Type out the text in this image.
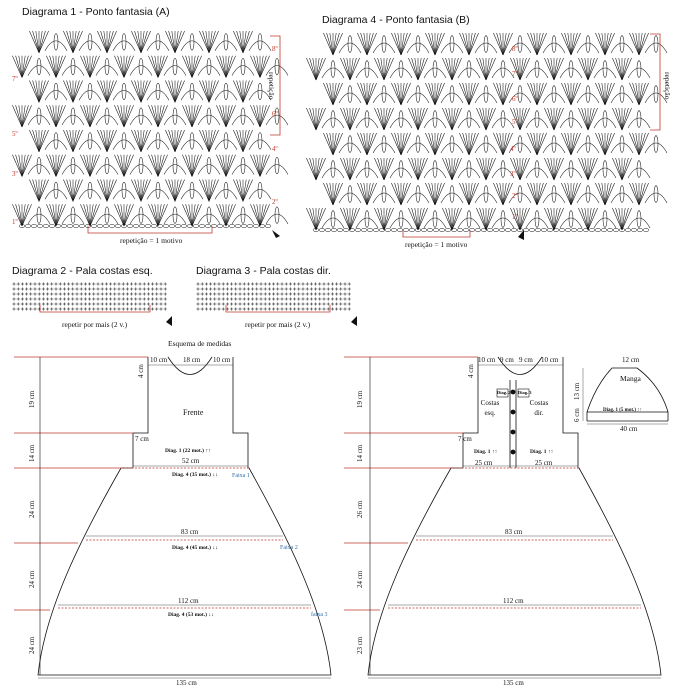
Diagrama 1 - Ponto fantasia (A)
Diagrama 4 - Ponto fantasia (B)
Diagrama 2 - Pala costas esq.	Diagrama 3 - Pala costas dir.
repetição = 1 motivo	repetição = 1 motivo
repetir por mais (2 v.)	repetir por mais (2 v.)
repetição	repetição
1º
2º
3º
4º
5º
6º
7º
8º
1º
2º
3º
4º
5º
6º
7º
8º
Esquema de medidas
10 cm 18 cm 10 cm
4 cm
Frente
7 cm
Diag. 1 (22 mot.) ↑↑
52 cm
Diag. 4 (35 mot.) ↓↓ Faixa 1
83 cm
Diag. 4 (45 mot.) ↓↓	Faixa 2
112 cm
Diag. 4 (53 mot.) ↓↓	faixa 3
135 cm
19 cm
14 cm
24 cm
24 cm
24 cm
10 cm 9 cm 9 cm 10 cm
4 cm
Diag. 2 Diag. 3
Costas esq.
Costas dir.
7 cm
Diag. 1 ↑↑	Diag. 1 ↑↑
25 cm	25 cm
83 cm
112 cm
135 cm
19 cm
14 cm
26 cm
24 cm
23 cm
12 cm
Manga
13 cm
6 cm	Diag. 1 (5 mot.) ↑↑
40 cm
